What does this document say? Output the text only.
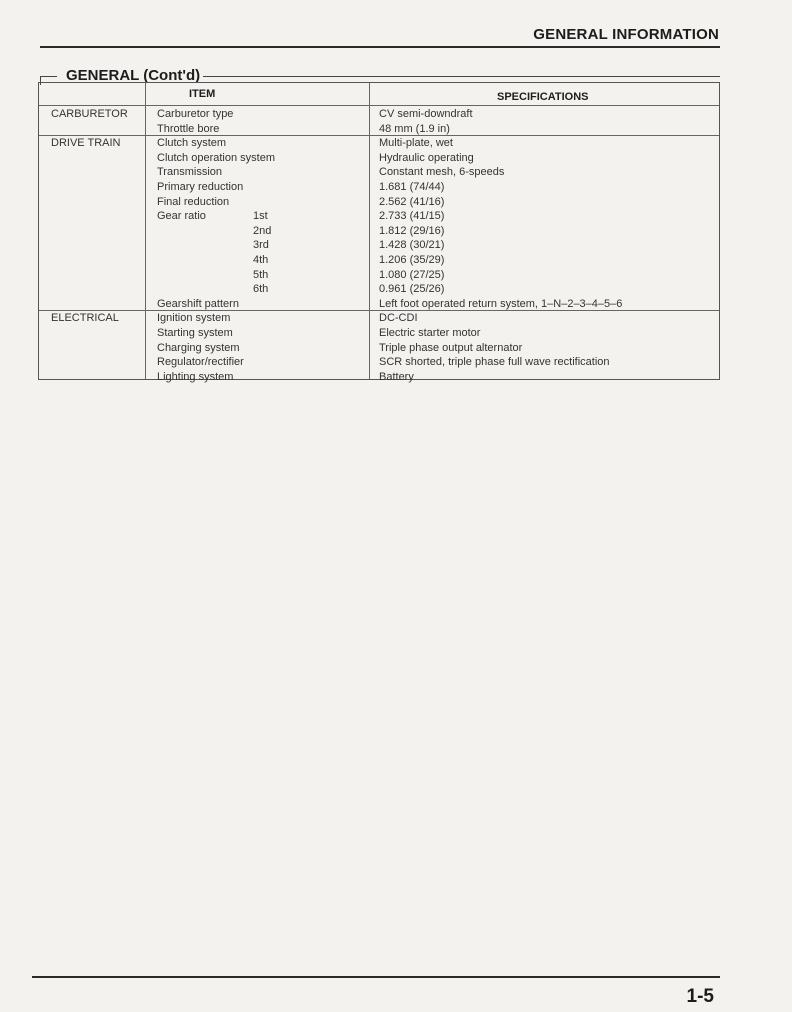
GENERAL INFORMATION
GENERAL (Cont'd)
ITEM	SPECIFICATIONS
CARBURETOR	Carburetor type	CV semi-downdraft
Throttle bore	48 mm (1.9 in)
DRIVE TRAIN	Clutch system	Multi-plate, wet
Clutch operation system	Hydraulic operating
Transmission	Constant mesh, 6-speeds
Primary reduction	1.681 (74/44)
Final reduction	2.562 (41/16)
Gear ratio	1st	2.733 (41/15)
2nd	1.812 (29/16)
3rd	1.428 (30/21)
4th	1.206 (35/29)
5th	1.080 (27/25)
6th	0.961 (25/26)
Gearshift pattern	Left foot operated return system, 1–N–2–3–4–5–6
ELECTRICAL	Ignition system	DC-CDI
Starting system	Electric starter motor
Charging system	Triple phase output alternator
Regulator/rectifier	SCR shorted, triple phase full wave rectification
Lighting system	Battery
1-5
